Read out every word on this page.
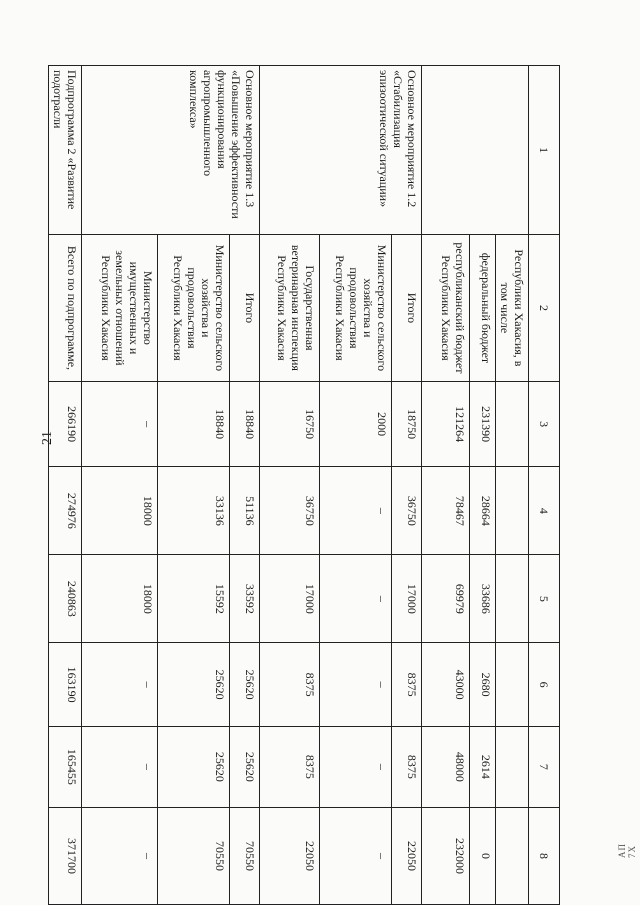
21
АП 7Х
1	2	3	4	5	6	7	8
	Республики Хакасия, в том числе						
	федеральный бюджет	231390	28664	33686	2680	2614	0
	республиканский бюджет Республики Хакасия	121264	78467	69979	43000	48000	232000
Основное мероприятие 1.2 «Стабилизация эпизоотической ситуации»	Итого	18750	36750	17000	8375	8375	22050
	Министерство сельского хозяйства и продовольствия Республики Хакасия	2000	–	–	–	–	–
	Государственная ветеринарная инспекция Республики Хакасия	16750	36750	17000	8375	8375	22050
Основное мероприятие 1.3 «Повышение эффективности функционирования агропромышленного комплекса»	Итого	18840	51136	33592	25620	25620	70550
	Министерство сельского хозяйства и продовольствия Республики Хакасия	18840	33136	15592	25620	25620	70550
	Министерство имущественных и земельных отношений Республики Хакасия	–	18000	18000	–	–	–
Подпрограмма 2 «Развитие подотрасли	Всего по подпрограмме,	266190	274976	240863	163190	165455	371700
